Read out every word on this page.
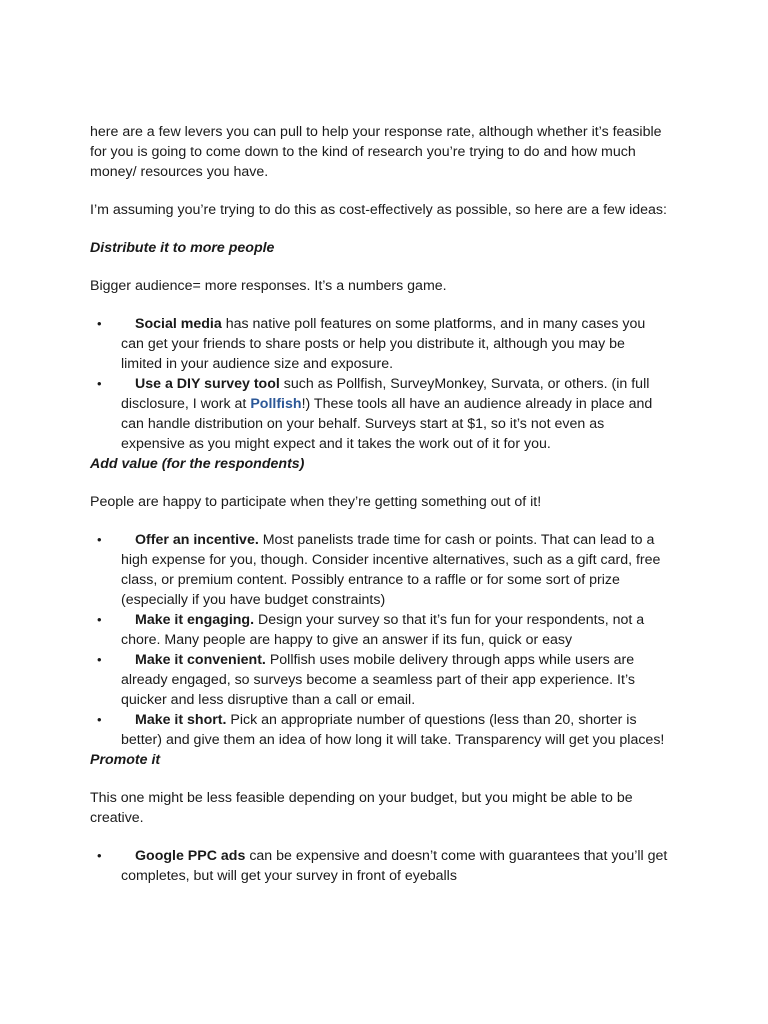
here are a few levers you can pull to help your response rate, although whether it’s feasible for you is going to come down to the kind of research you’re trying to do and how much money/ resources you have.

I’m assuming you’re trying to do this as cost-effectively as possible, so here are a few ideas:

Distribute it to more people

Bigger audience= more responses. It’s a numbers game.

• Social media has native poll features on some platforms, and in many cases you can get your friends to share posts or help you distribute it, although you may be limited in your audience size and exposure.
• Use a DIY survey tool such as Pollfish, SurveyMonkey, Survata, or others. (in full disclosure, I work at Pollfish!) These tools all have an audience already in place and can handle distribution on your behalf. Surveys start at $1, so it’s not even as expensive as you might expect and it takes the work out of it for you.

Add value (for the respondents)

People are happy to participate when they’re getting something out of it!

• Offer an incentive. Most panelists trade time for cash or points. That can lead to a high expense for you, though. Consider incentive alternatives, such as a gift card, free class, or premium content. Possibly entrance to a raffle or for some sort of prize (especially if you have budget constraints)
• Make it engaging. Design your survey so that it’s fun for your respondents, not a chore. Many people are happy to give an answer if its fun, quick or easy
• Make it convenient. Pollfish uses mobile delivery through apps while users are already engaged, so surveys become a seamless part of their app experience. It’s quicker and less disruptive than a call or email.
• Make it short. Pick an appropriate number of questions (less than 20, shorter is better) and give them an idea of how long it will take. Transparency will get you places!

Promote it

This one might be less feasible depending on your budget, but you might be able to be creative.

• Google PPC ads can be expensive and doesn’t come with guarantees that you’ll get completes, but will get your survey in front of eyeballs
